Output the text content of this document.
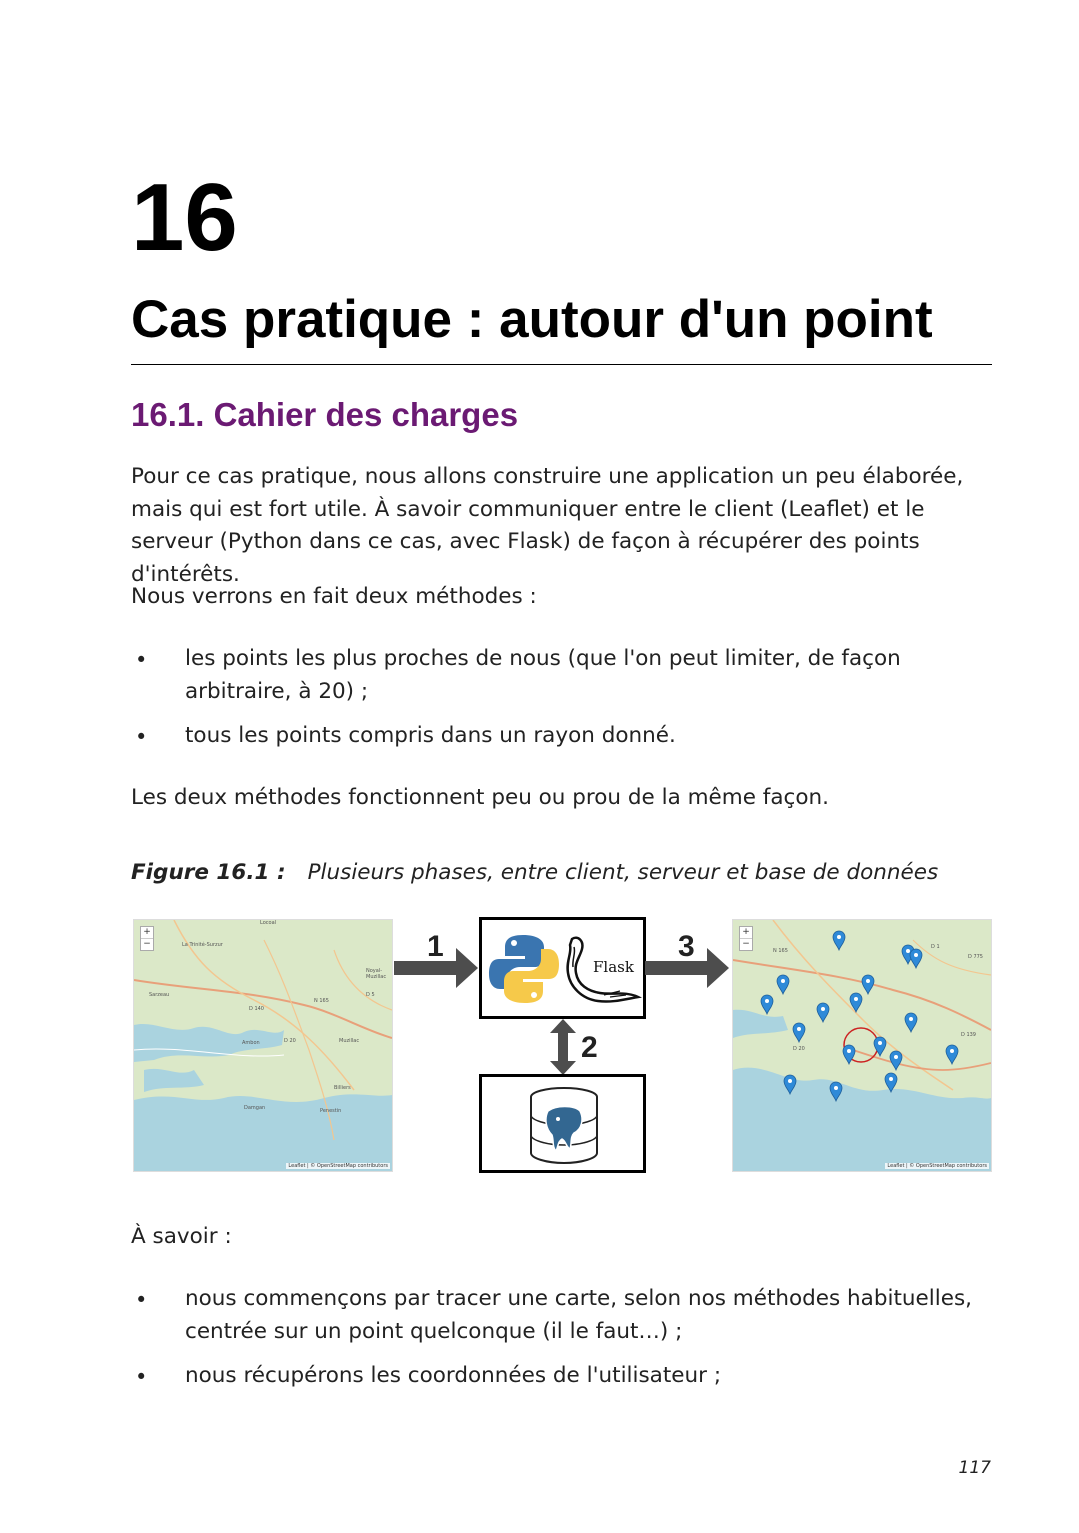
16
Cas pratique : autour d'un point
16.1. Cahier des charges
Pour ce cas pratique, nous allons construire une application un peu élaborée, mais qui est fort utile. À savoir communiquer entre le client (Leaflet) et le serveur (Python dans ce cas, avec Flask) de façon à récupérer des points d'intérêts.
Nous verrons en fait deux méthodes :
• les points les plus proches de nous (que l'on peut limiter, de façon arbitraire, à 20) ;
• tous les points compris dans un rayon donné.
Les deux méthodes fonctionnent peu ou prou de la même façon.
Figure 16.1 : Plusieurs phases, entre client, serveur et base de données
Locoal
La Trinité-Surzur
Noyal-Muzillac
Sarzeau
N 165
D 140
D 5
Ambon	Muzillac
D 20
Billiers
Penestin
Damgan
+
−
Leaflet | © OpenStreetMap contributors
1
Flask
3
2
N 165
D 1
D 775
D 139
D 20
+
−
Leaflet | © OpenStreetMap contributors
À savoir :
• nous commençons par tracer une carte, selon nos méthodes habituelles, centrée sur un point quelconque (il le faut…) ;
• nous récupérons les coordonnées de l'utilisateur ;
117
